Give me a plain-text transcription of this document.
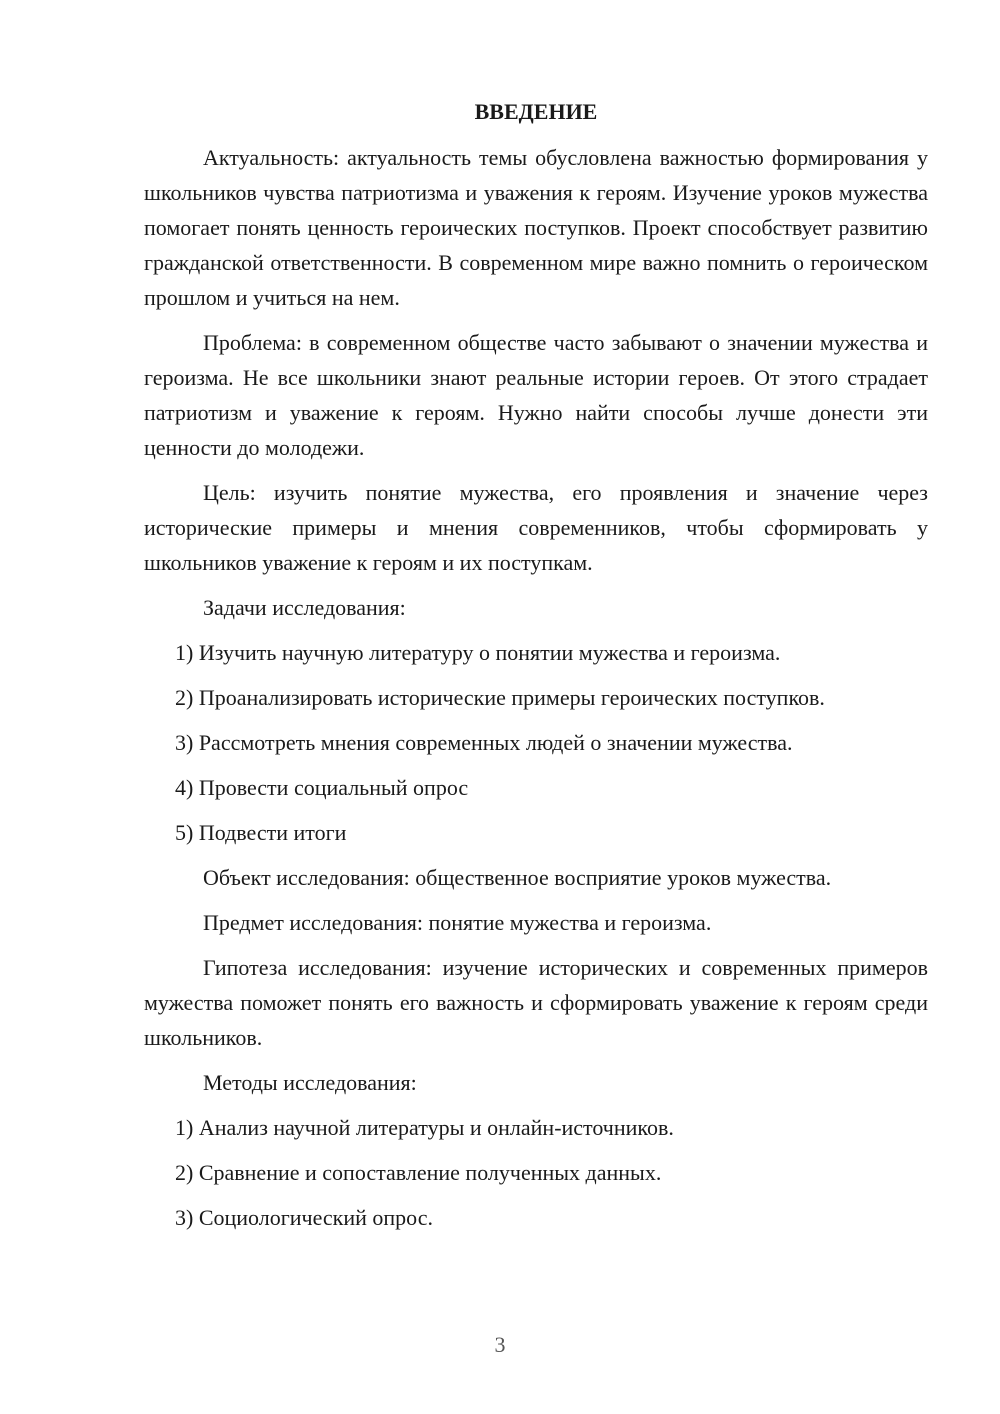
ВВЕДЕНИЕ
Актуальность: актуальность темы обусловлена важностью формирования у школьников чувства патриотизма и уважения к героям. Изучение уроков мужества помогает понять ценность героических поступков. Проект способствует развитию гражданской ответственности. В современном мире важно помнить о героическом прошлом и учиться на нем.
Проблема: в современном обществе часто забывают о значении мужества и героизма. Не все школьники знают реальные истории героев. От этого страдает патриотизм и уважение к героям. Нужно найти способы лучше донести эти ценности до молодежи.
Цель: изучить понятие мужества, его проявления и значение через исторические примеры и мнения современников, чтобы сформировать у школьников уважение к героям и их поступкам.
Задачи исследования:
1) Изучить научную литературу о понятии мужества и героизма.
2) Проанализировать исторические примеры героических поступков.
3) Рассмотреть мнения современных людей о значении мужества.
4) Провести социальный опрос
5) Подвести итоги
Объект исследования: общественное восприятие уроков мужества.
Предмет исследования: понятие мужества и героизма.
Гипотеза исследования: изучение исторических и современных примеров мужества поможет понять его важность и сформировать уважение к героям среди школьников.
Методы исследования:
1) Анализ научной литературы и онлайн-источников.
2) Сравнение и сопоставление полученных данных.
3) Социологический опрос.
3
